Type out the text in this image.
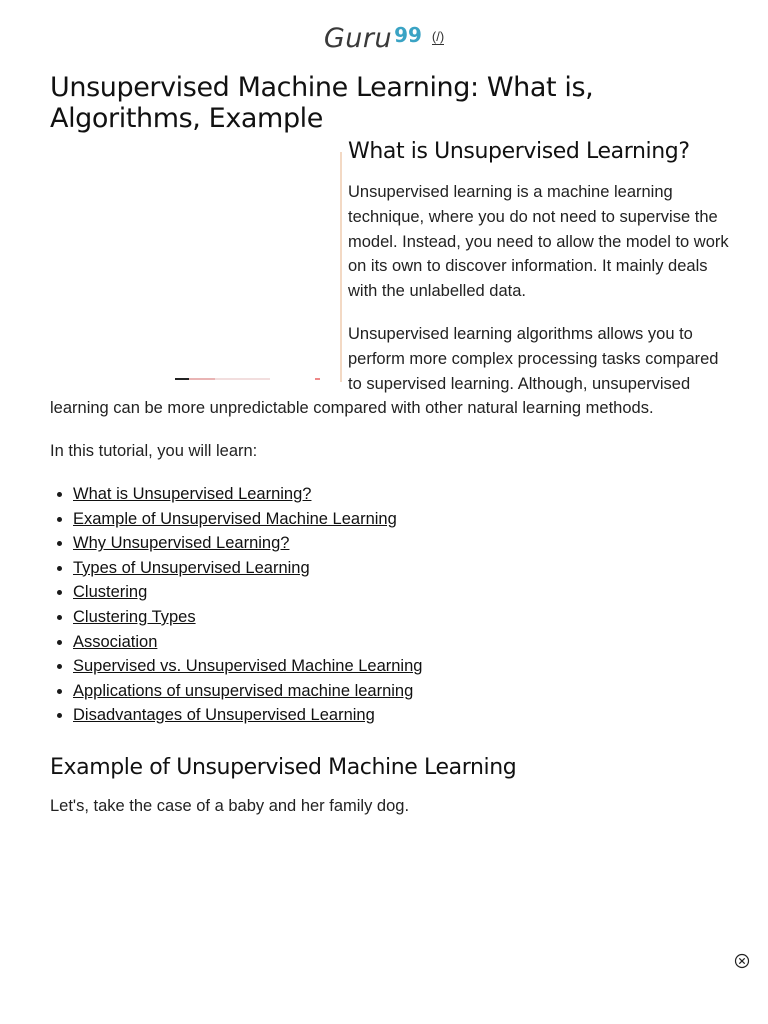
Guru 99 (/)
Unsupervised Machine Learning: What is, Algorithms, Example
What is Unsupervised Learning?

Unsupervised learning is a machine learning technique, where you do not need to supervise the model. Instead, you need to allow the model to work on its own to discover information. It mainly deals with the unlabelled data.

Unsupervised learning algorithms allows you to perform more complex processing tasks compared to supervised learning. Although, unsupervised learning can be more unpredictable compared with other natural learning methods.

In this tutorial, you will learn:

• What is Unsupervised Learning?
• Example of Unsupervised Machine Learning
• Why Unsupervised Learning?
• Types of Unsupervised Learning
• Clustering
• Clustering Types
• Association
• Supervised vs. Unsupervised Machine Learning
• Applications of unsupervised machine learning
• Disadvantages of Unsupervised Learning
Example of Unsupervised Machine Learning

Let's, take the case of a baby and her family dog.
